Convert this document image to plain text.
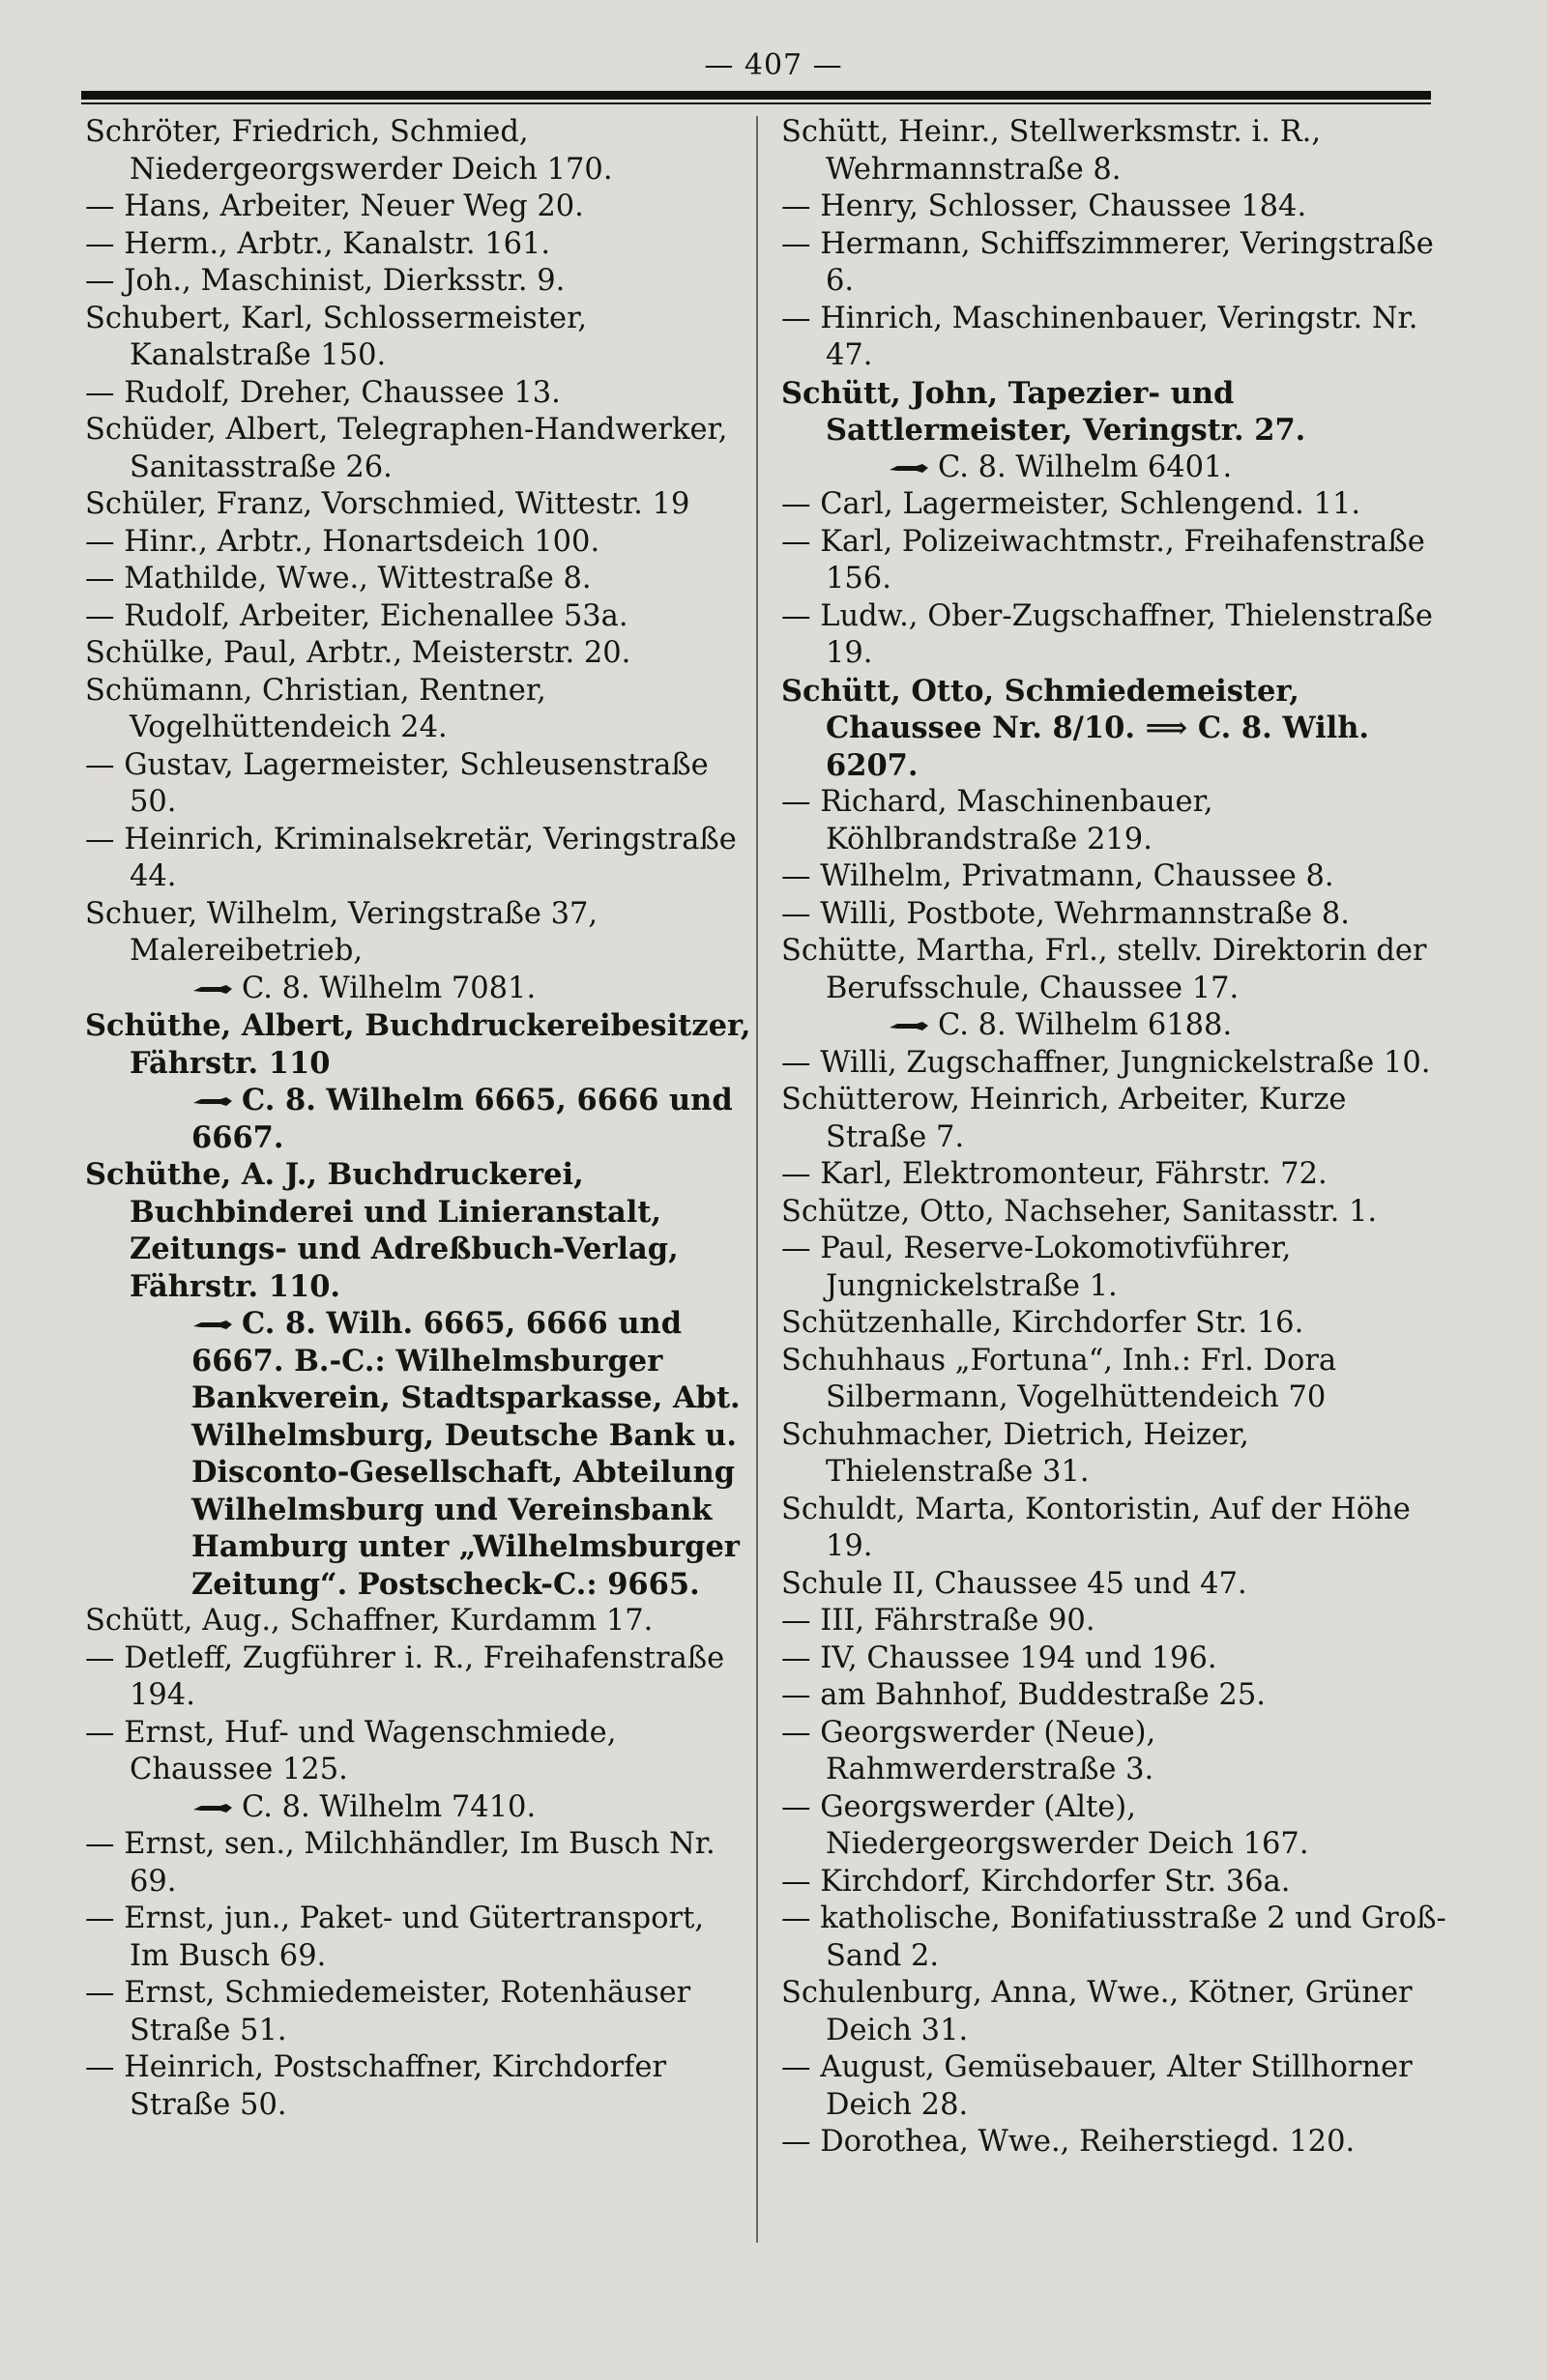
— 407 —
Schröter, Friedrich, Schmied, Niedergeorgswerder Deich 170.
— Hans, Arbeiter, Neuer Weg 20.
— Herm., Arbtr., Kanalstr. 161.
— Joh., Maschinist, Dierksstr. 9.
Schubert, Karl, Schlossermeister, Kanalstraße 150.
— Rudolf, Dreher, Chaussee 13.
Schüder, Albert, Telegraphen-Handwerker, Sanitasstraße 26.
Schüler, Franz, Vorschmied, Wittestr. 19
— Hinr., Arbtr., Honartsdeich 100.
— Mathilde, Wwe., Wittestraße 8.
— Rudolf, Arbeiter, Eichenallee 53a.
Schülke, Paul, Arbtr., Meisterstr. 20.
Schümann, Christian, Rentner, Vogelhüttendeich 24.
— Gustav, Lagermeister, Schleusenstraße 50.
— Heinrich, Kriminalsekretär, Veringstraße 44.
Schuer, Wilhelm, Veringstraße 37, Malereibetrieb,
C. 8. Wilhelm 7081.
Schüthe, Albert, Buchdruckereibesitzer, Fährstr. 110
C. 8. Wilhelm 6665, 6666 und 6667.
Schüthe, A. J., Buchdruckerei, Buchbinderei und Linieranstalt, Zeitungs- und Adreßbuch-Verlag, Fährstr. 110.
C. 8. Wilh. 6665, 6666 und 6667. B.-C.: Wilhelmsburger Bankverein, Stadtsparkasse, Abt. Wilhelmsburg, Deutsche Bank u. Disconto-Gesellschaft, Abteilung Wilhelmsburg und Vereinsbank Hamburg unter „Wilhelmsburger Zeitung“. Postscheck-C.: 9665.
Schütt, Aug., Schaffner, Kurdamm 17.
— Detleff, Zugführer i. R., Freihafenstraße 194.
— Ernst, Huf- und Wagenschmiede, Chaussee 125.
C. 8. Wilhelm 7410.
— Ernst, sen., Milchhändler, Im Busch Nr. 69.
— Ernst, jun., Paket- und Gütertransport, Im Busch 69.
— Ernst, Schmiedemeister, Rotenhäuser Straße 51.
— Heinrich, Postschaffner, Kirchdorfer Straße 50.
Schütt, Heinr., Stellwerksmstr. i. R., Wehrmannstraße 8.
— Henry, Schlosser, Chaussee 184.
— Hermann, Schiffszimmerer, Veringstraße 6.
— Hinrich, Maschinenbauer, Veringstr. Nr. 47.
Schütt, John, Tapezier- und Sattlermeister, Veringstr. 27.
C. 8. Wilhelm 6401.
— Carl, Lagermeister, Schlengend. 11.
— Karl, Polizeiwachtmstr., Freihafenstraße 156.
— Ludw., Ober-Zugschaffner, Thielenstraße 19.
Schütt, Otto, Schmiedemeister, Chaussee Nr. 8/10. ⟹ C. 8. Wilh. 6207.
— Richard, Maschinenbauer, Köhlbrandstraße 219.
— Wilhelm, Privatmann, Chaussee 8.
— Willi, Postbote, Wehrmannstraße 8.
Schütte, Martha, Frl., stellv. Direktorin der Berufsschule, Chaussee 17.
C. 8. Wilhelm 6188.
— Willi, Zugschaffner, Jungnickelstraße 10.
Schütterow, Heinrich, Arbeiter, Kurze Straße 7.
— Karl, Elektromonteur, Fährstr. 72.
Schütze, Otto, Nachseher, Sanitasstr. 1.
— Paul, Reserve-Lokomotivführer, Jungnickelstraße 1.
Schützenhalle, Kirchdorfer Str. 16.
Schuhhaus „Fortuna“, Inh.: Frl. Dora Silbermann, Vogelhüttendeich 70
Schuhmacher, Dietrich, Heizer, Thielenstraße 31.
Schuldt, Marta, Kontoristin, Auf der Höhe 19.
Schule II, Chaussee 45 und 47.
— III, Fährstraße 90.
— IV, Chaussee 194 und 196.
— am Bahnhof, Buddestraße 25.
— Georgswerder (Neue), Rahmwerderstraße 3.
— Georgswerder (Alte), Niedergeorgswerder Deich 167.
— Kirchdorf, Kirchdorfer Str. 36a.
— katholische, Bonifatiusstraße 2 und Groß-Sand 2.
Schulenburg, Anna, Wwe., Kötner, Grüner Deich 31.
— August, Gemüsebauer, Alter Stillhorner Deich 28.
— Dorothea, Wwe., Reiherstiegd. 120.
